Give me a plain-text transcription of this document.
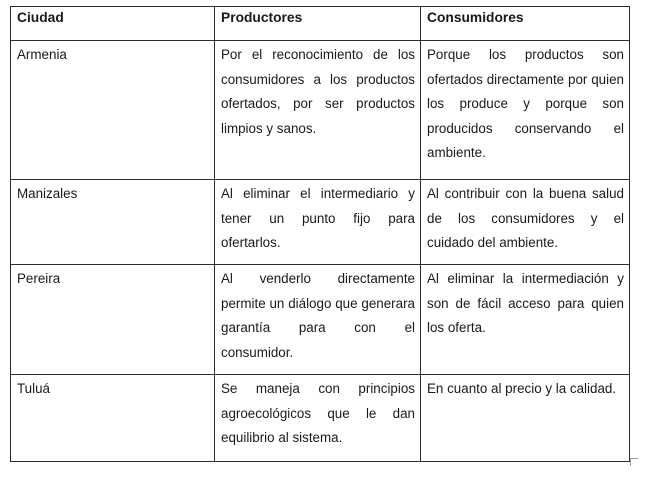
Ciudad	Productores	Consumidores
Armenia	Por el reconocimiento de los consumidores a los productos ofertados, por ser productos limpios y sanos.	Porque los productos son ofertados directamente por quien los produce y porque son producidos conservando el ambiente.
Manizales	Al eliminar el intermediario y tener un punto fijo para ofertarlos.	Al contribuir con la buena salud de los consumidores y el cuidado del ambiente.
Pereira	Al venderlo directamente permite un diálogo que generara garantía para con el consumidor.	Al eliminar la intermediación y son de fácil acceso para quien los oferta.
Tuluá	Se maneja con principios agroecológicos que le dan equilibrio al sistema.	En cuanto al precio y la calidad.
